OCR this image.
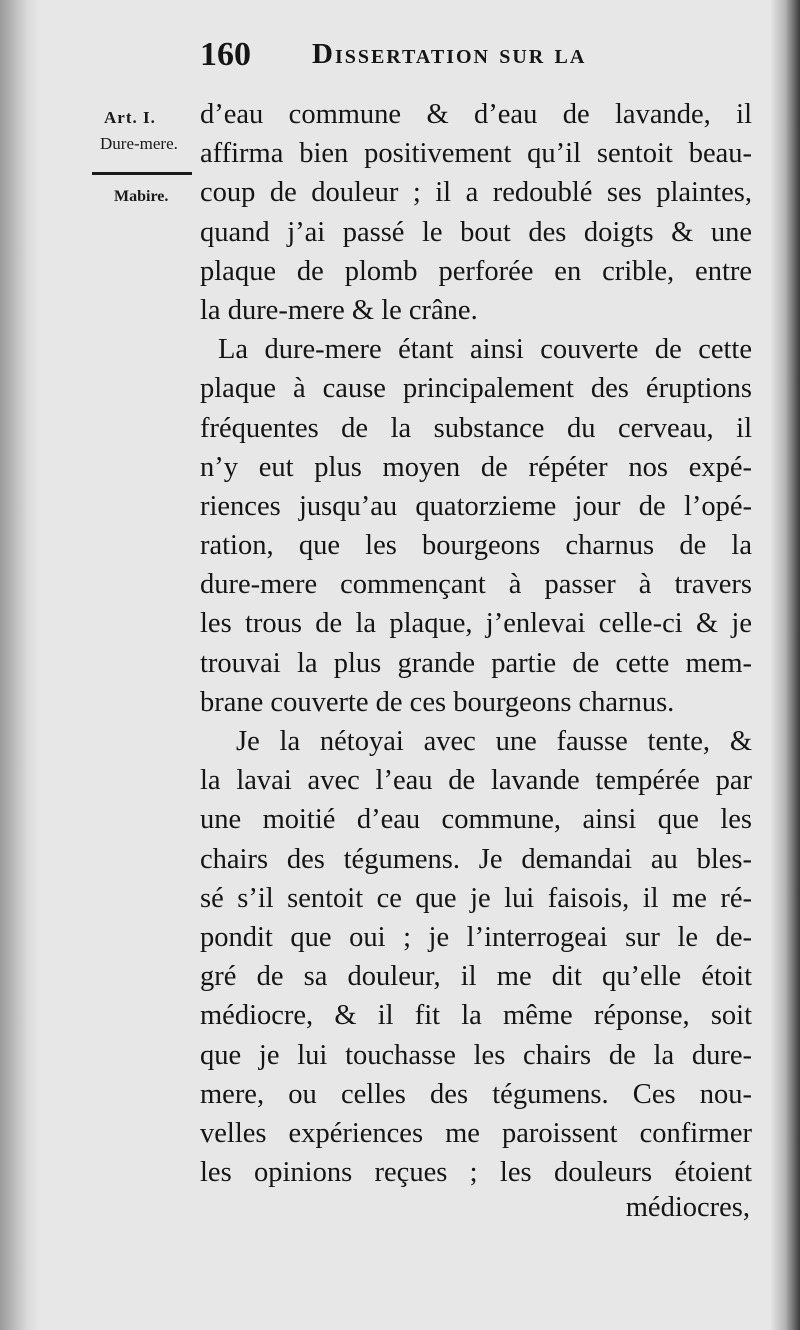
160 Dissertation sur la
Art. I.
Dure-mere.
Mabire.
d’eau commune & d’eau de lavande, il
affirma bien positivement qu’il sentoit beau-
coup de douleur ; il a redoublé ses plaintes,
quand j’ai passé le bout des doigts & une
plaque de plomb perforée en crible, entre
la dure-mere & le crâne.
La dure-mere étant ainsi couverte de cette
plaque à cause principalement des éruptions
fréquentes de la substance du cerveau, il
n’y eut plus moyen de répéter nos expé-
riences jusqu’au quatorzieme jour de l’opé-
ration, que les bourgeons charnus de la
dure-mere commençant à passer à travers
les trous de la plaque, j’enlevai celle-ci & je
trouvai la plus grande partie de cette mem-
brane couverte de ces bourgeons charnus.
Je la nétoyai avec une fausse tente, &
la lavai avec l’eau de lavande tempérée par
une moitié d’eau commune, ainsi que les
chairs des tégumens. Je demandai au bles-
sé s’il sentoit ce que je lui faisois, il me ré-
pondit que oui ; je l’interrogeai sur le de-
gré de sa douleur, il me dit qu’elle étoit
médiocre, & il fit la même réponse, soit
que je lui touchasse les chairs de la dure-
mere, ou celles des tégumens. Ces nou-
velles expériences me paroissent confirmer
les opinions reçues ; les douleurs étoient
médiocres,
